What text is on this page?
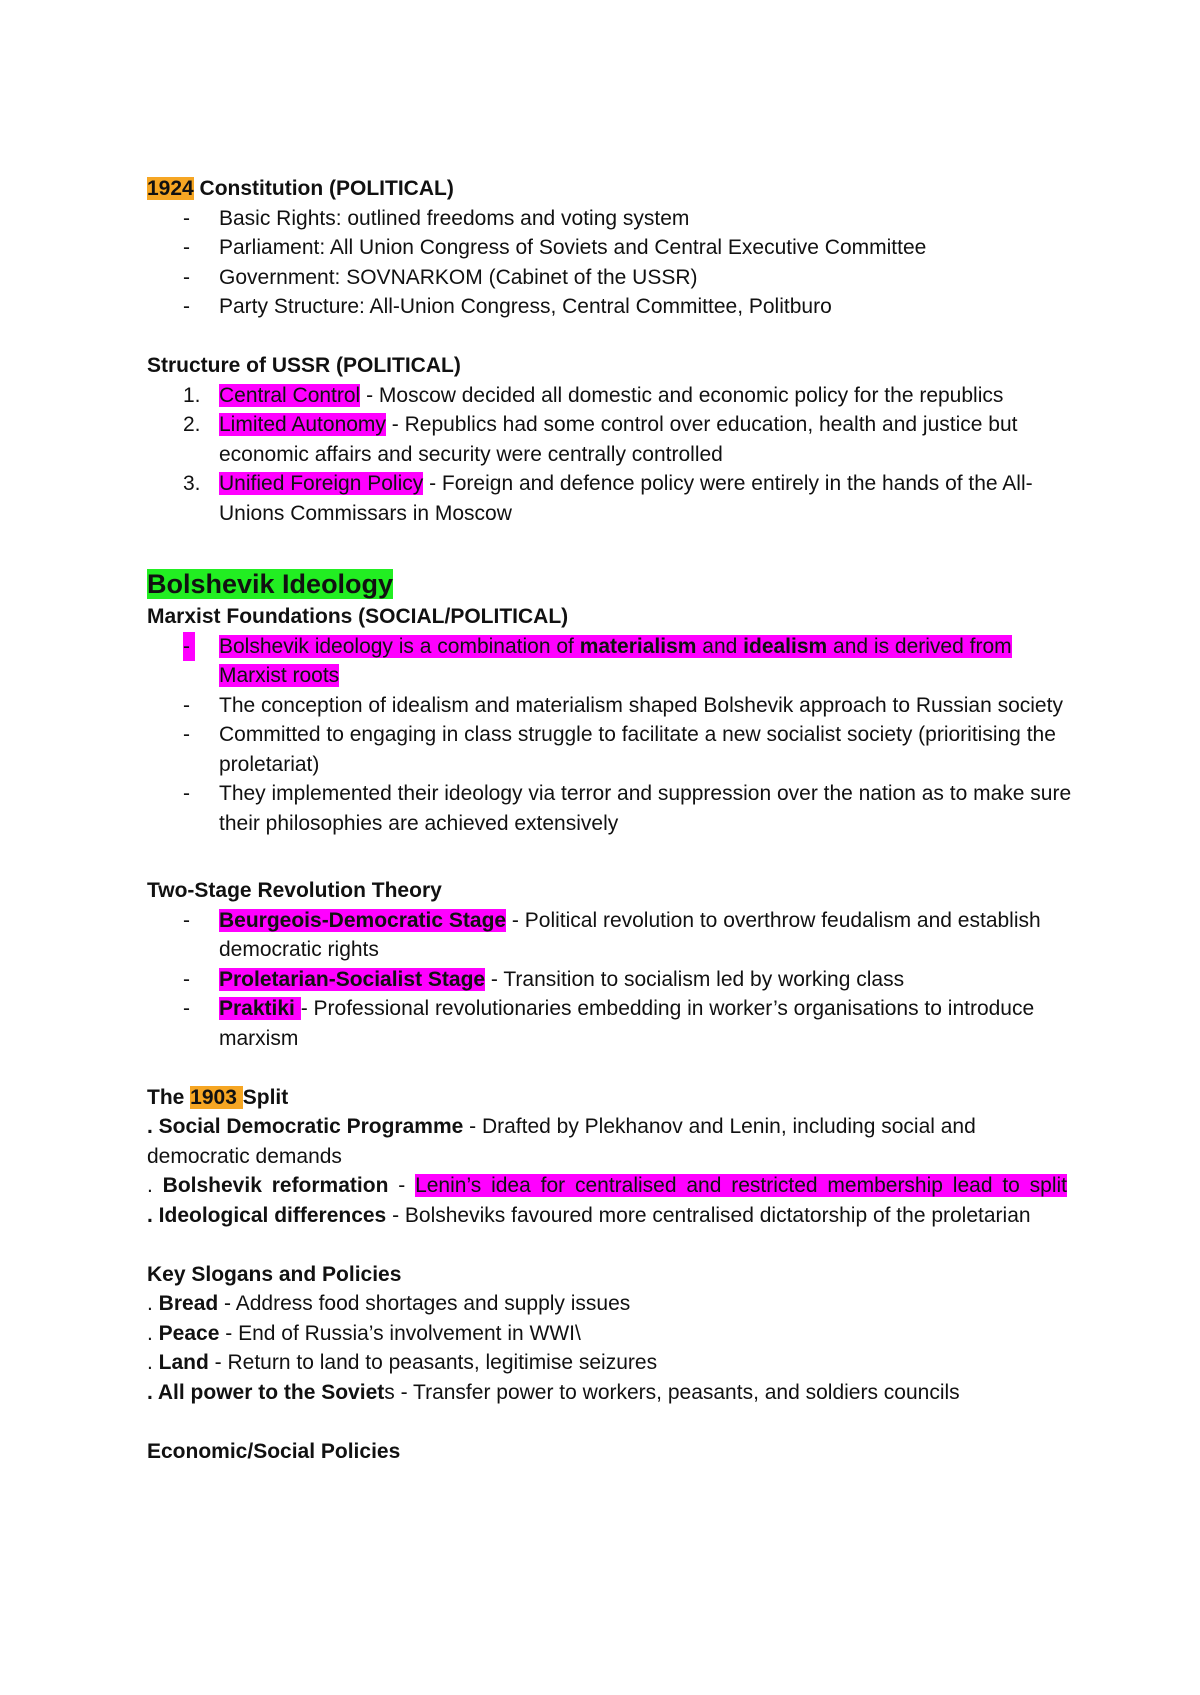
1924 Constitution (POLITICAL)
- Basic Rights: outlined freedoms and voting system
- Parliament: All Union Congress of Soviets and Central Executive Committee
- Government: SOVNARKOM (Cabinet of the USSR)
- Party Structure: All-Union Congress, Central Committee, Politburo
Structure of USSR (POLITICAL)
1. Central Control - Moscow decided all domestic and economic policy for the republics
2. Limited Autonomy - Republics had some control over education, health and justice but economic affairs and security were centrally controlled
3. Unified Foreign Policy - Foreign and defence policy were entirely in the hands of the All-Unions Commissars in Moscow
Bolshevik Ideology
Marxist Foundations (SOCIAL/POLITICAL)
- Bolshevik ideology is a combination of materialism and idealism and is derived from Marxist roots
- The conception of idealism and materialism shaped Bolshevik approach to Russian society
- Committed to engaging in class struggle to facilitate a new socialist society (prioritising the proletariat)
- They implemented their ideology via terror and suppression over the nation as to make sure their philosophies are achieved extensively
Two-Stage Revolution Theory
- Beurgeois-Democratic Stage - Political revolution to overthrow feudalism and establish democratic rights
- Proletarian-Socialist Stage - Transition to socialism led by working class
- Praktiki - Professional revolutionaries embedding in worker’s organisations to introduce marxism
The 1903 Split
. Social Democratic Programme - Drafted by Plekhanov and Lenin, including social and democratic demands
. Bolshevik reformation - Lenin’s idea for centralised and restricted membership lead to split
. Ideological differences - Bolsheviks favoured more centralised dictatorship of the proletarian
Key Slogans and Policies
. Bread - Address food shortages and supply issues
. Peace - End of Russia’s involvement in WWI\
. Land - Return to land to peasants, legitimise seizures
. All power to the Soviets - Transfer power to workers, peasants, and soldiers councils
Economic/Social Policies
